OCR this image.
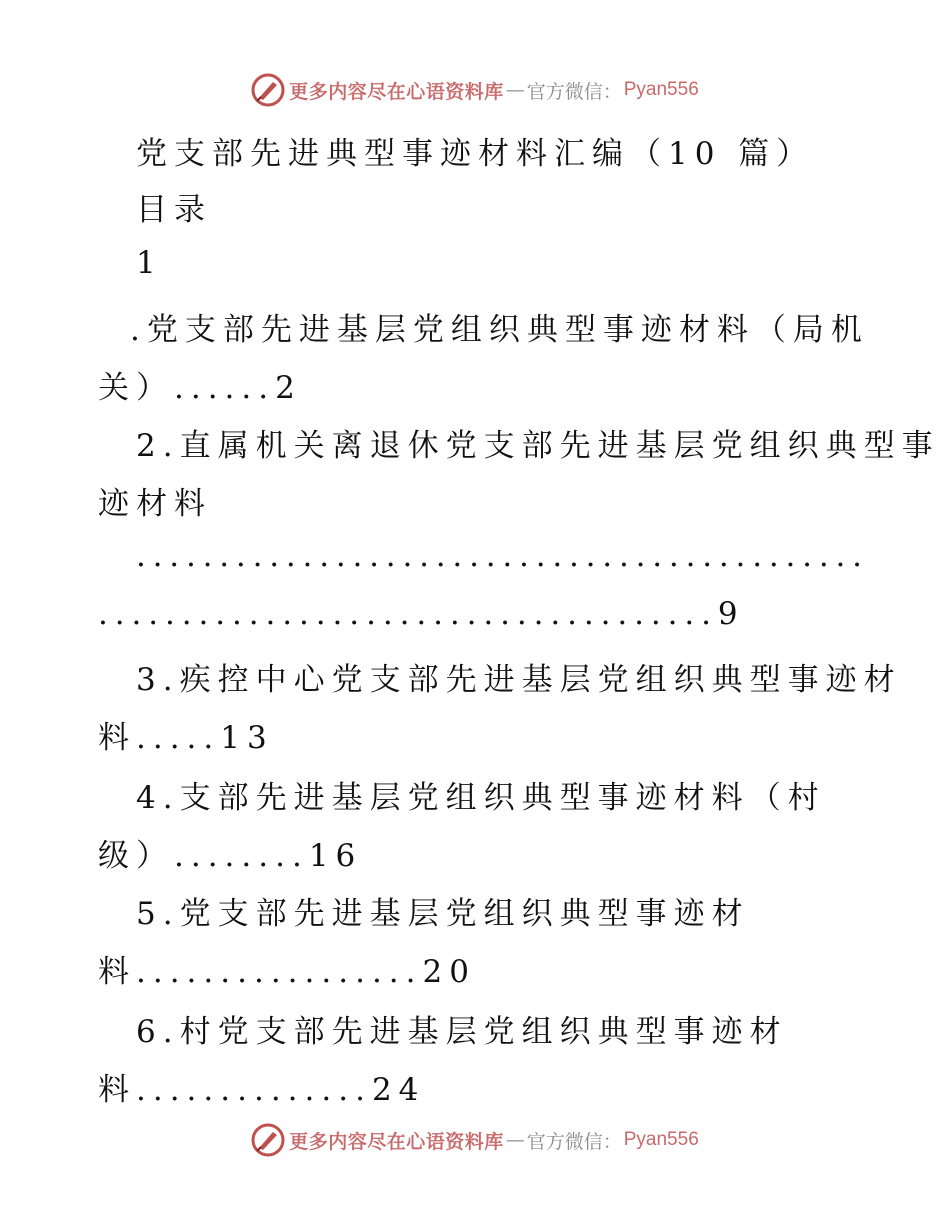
更多内容尽在心语资料库 — 官方微信： Pyan556
党支部先进典型事迹材料汇编（10 篇）
目录
1
.党支部先进基层党组织典型事迹材料（局机
关）......2
2.直属机关离退休党支部先进基层党组织典型事
迹材料
............................................
.....................................9
3.疾控中心党支部先进基层党组织典型事迹材
料.....13
4.支部先进基层党组织典型事迹材料（村
级）........16
5.党支部先进基层党组织典型事迹材
料.................20
6.村党支部先进基层党组织典型事迹材
料..............24
更多内容尽在心语资料库 — 官方微信： Pyan556
